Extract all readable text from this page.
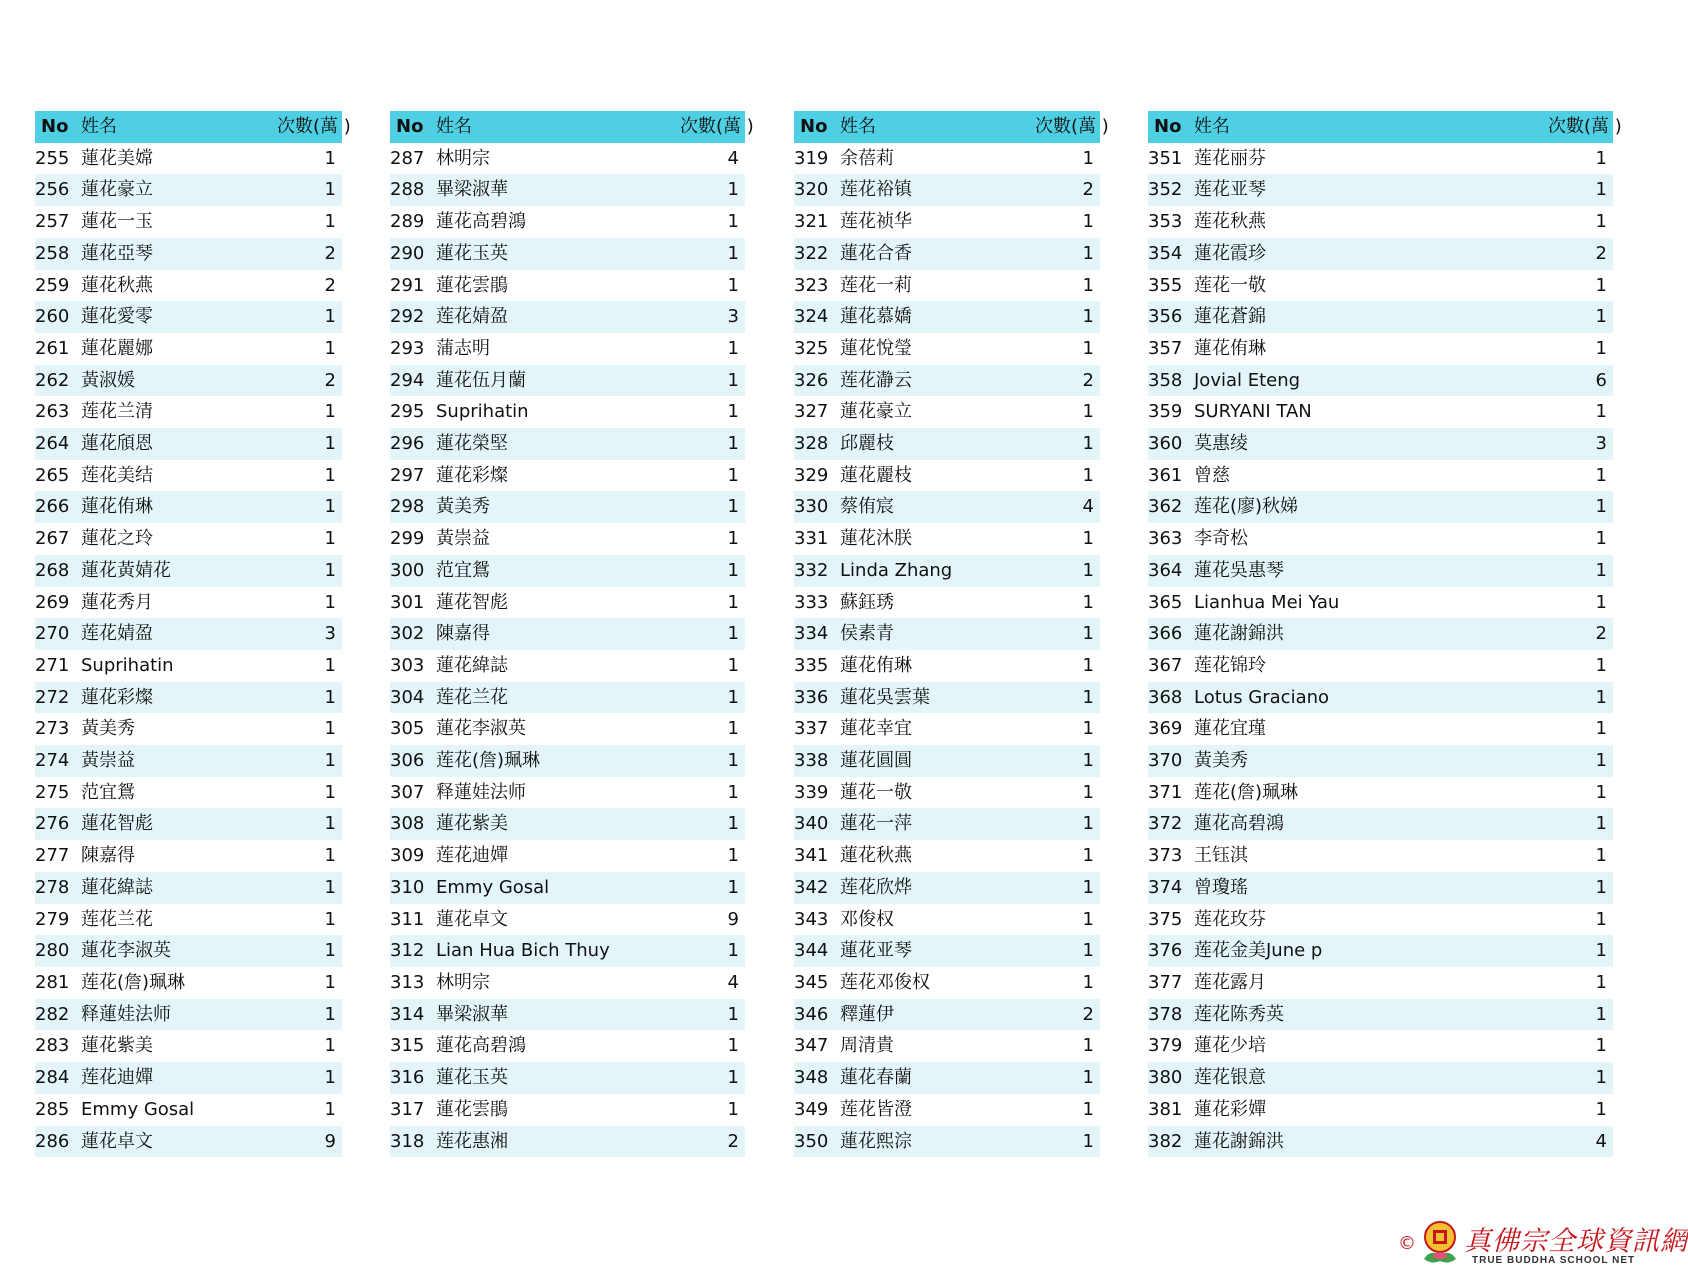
No	姓名	次數(萬 )
255	蓮花美嫦	1
256	蓮花豪立	1
257	蓮花一玉	1
258	蓮花亞琴	2
259	蓮花秋燕	2
260	蓮花愛零	1
261	蓮花麗娜	1
262	黃淑媛	2
263	莲花兰清	1
264	蓮花頎恩	1
265	莲花美结	1
266	蓮花侑琳	1
267	蓮花之玲	1
268	蓮花黃婧花	1
269	蓮花秀月	1
270	莲花婧盈	3
271	Suprihatin	1
272	蓮花彩燦	1
273	黃美秀	1
274	黃崇益	1
275	范宜鴛	1
276	蓮花智彪	1
277	陳嘉得	1
278	蓮花緯誌	1
279	莲花兰花	1
280	蓮花李淑英	1
281	莲花(詹)珮琳	1
282	释蓮娃法师	1
283	蓮花紫美	1
284	莲花迪嬋	1
285	Emmy Gosal	1
286	蓮花卓文	9
No	姓名	次數(萬 )
287	林明宗	4
288	畢梁淑華	1
289	蓮花高碧鴻	1
290	蓮花玉英	1
291	蓮花雲鵑	1
292	莲花婧盈	3
293	蒲志明	1
294	蓮花伍月蘭	1
295	Suprihatin	1
296	蓮花榮堅	1
297	蓮花彩燦	1
298	黃美秀	1
299	黃崇益	1
300	范宜鴛	1
301	蓮花智彪	1
302	陳嘉得	1
303	蓮花緯誌	1
304	莲花兰花	1
305	蓮花李淑英	1
306	莲花(詹)珮琳	1
307	释蓮娃法师	1
308	蓮花紫美	1
309	莲花迪嬋	1
310	Emmy Gosal	1
311	蓮花卓文	9
312	Lian Hua Bich Thuy	1
313	林明宗	4
314	畢梁淑華	1
315	蓮花高碧鴻	1
316	蓮花玉英	1
317	蓮花雲鵑	1
318	莲花惠湘	2
No	姓名	次數(萬 )
319	余蓓莉	1
320	莲花裕镇	2
321	莲花祯华	1
322	蓮花合香	1
323	莲花一莉	1
324	蓮花慕嬌	1
325	蓮花悅瑩	1
326	莲花瀞云	2
327	蓮花豪立	1
328	邱麗枝	1
329	蓮花麗枝	1
330	蔡侑宸	4
331	蓮花沐朕	1
332	Linda Zhang	1
333	蘇鈺琇	1
334	侯素青	1
335	蓮花侑琳	1
336	蓮花吳雲葉	1
337	蓮花幸宜	1
338	蓮花圓圓	1
339	蓮花一敬	1
340	蓮花一萍	1
341	蓮花秋燕	1
342	莲花欣烨	1
343	邓俊权	1
344	蓮花亚琴	1
345	莲花邓俊权	1
346	釋蓮伊	2
347	周清貴	1
348	蓮花春蘭	1
349	莲花皆澄	1
350	蓮花熙淙	1
No	姓名	次數(萬 )
351	莲花丽芬	1
352	莲花亚琴	1
353	莲花秋燕	1
354	蓮花霞珍	2
355	莲花一敬	1
356	蓮花蒼錦	1
357	蓮花侑琳	1
358	Jovial Eteng	6
359	SURYANI TAN	1
360	莫惠绫	3
361	曾慈	1
362	莲花(廖)秋娣	1
363	李奇松	1
364	蓮花吳惠琴	1
365	Lianhua Mei Yau	1
366	蓮花謝錦洪	2
367	莲花锦玲	1
368	Lotus Graciano	1
369	蓮花宜瑾	1
370	黃美秀	1
371	莲花(詹)珮琳	1
372	蓮花高碧鴻	1
373	王钰淇	1
374	曾瓊瑤	1
375	莲花玫芬	1
376	莲花金美June p	1
377	莲花露月	1
378	莲花陈秀英	1
379	蓮花少培	1
380	莲花银意	1
381	蓮花彩嬋	1
382	蓮花謝錦洪	4
© 真佛宗全球資訊網
TRUE BUDDHA SCHOOL NET
